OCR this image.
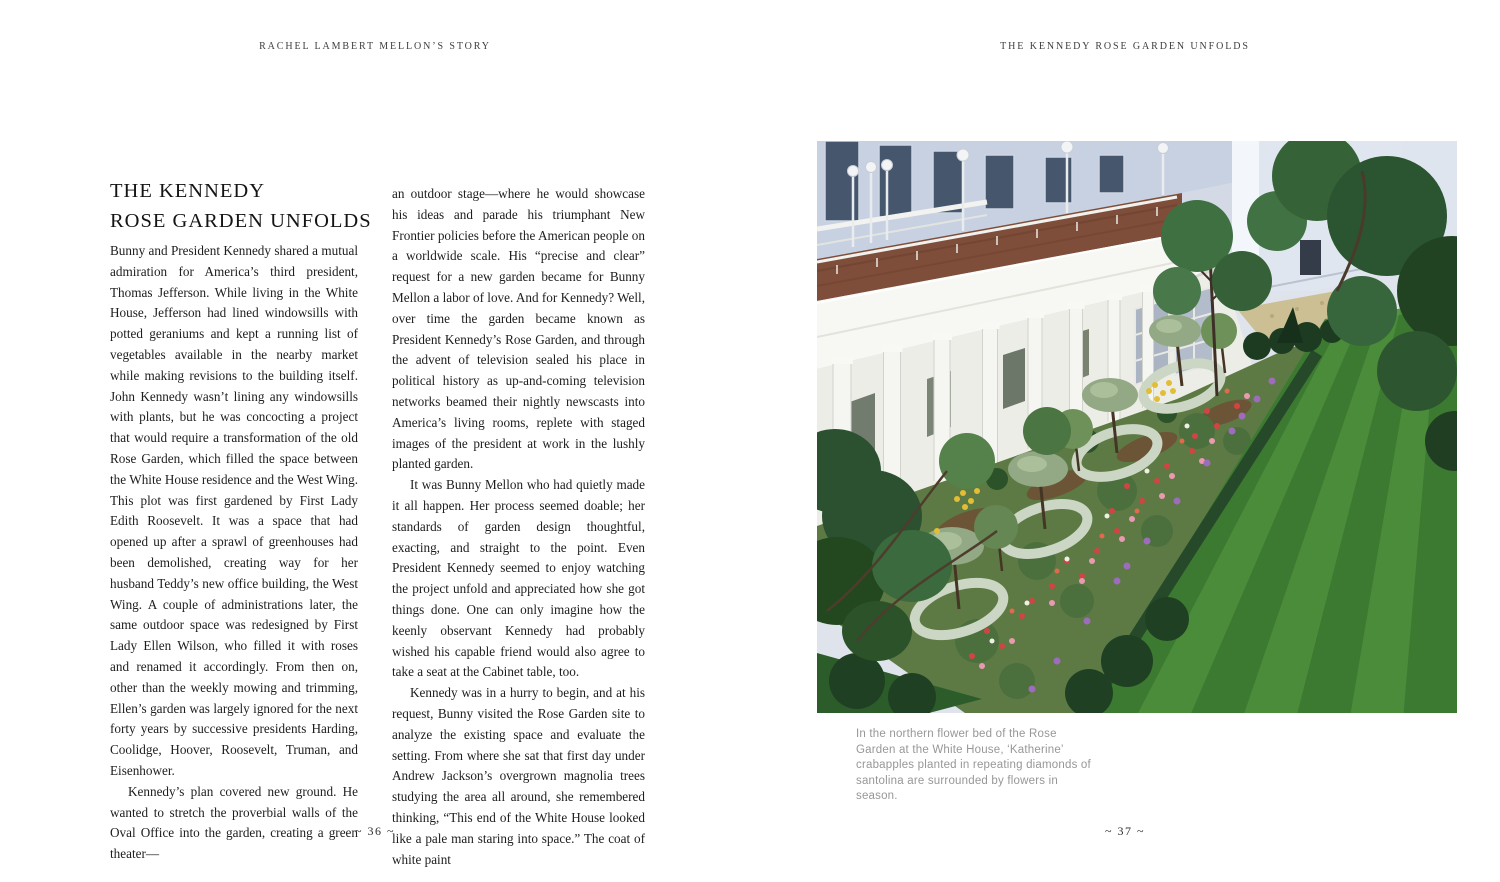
RACHEL LAMBERT MELLON’S STORY
THE KENNEDY
ROSE GARDEN UNFOLDS

Bunny and President Kennedy shared a mutual admiration for America’s third president, Thomas Jefferson. While living in the White House, Jefferson had lined windowsills with potted geraniums and kept a running list of vegetables available in the nearby market while making revisions to the building itself. John Kennedy wasn’t lining any windowsills with plants, but he was concocting a project that would require a transformation of the old Rose Garden, which filled the space between the White House residence and the West Wing. This plot was first gardened by First Lady Edith Roosevelt. It was a space that had opened up after a sprawl of greenhouses had been demolished, creating way for her husband Teddy’s new office building, the West Wing. A couple of administrations later, the same outdoor space was redesigned by First Lady Ellen Wilson, who filled it with roses and renamed it accordingly. From then on, other than the weekly mowing and trimming, Ellen’s garden was largely ignored for the next forty years by successive presidents Harding, Coolidge, Hoover, Roosevelt, Truman, and Eisenhower.

Kennedy’s plan covered new ground. He wanted to stretch the proverbial walls of the Oval Office into the garden, creating a green theater—

an outdoor stage—where he would showcase his ideas and parade his triumphant New Frontier policies before the American people on a worldwide scale. His “precise and clear” request for a new garden became for Bunny Mellon a labor of love. And for Kennedy? Well, over time the garden became known as President Kennedy’s Rose Garden, and through the advent of television sealed his place in political history as up-and-coming television networks beamed their nightly newscasts into America’s living rooms, replete with staged images of the president at work in the lushly planted garden.

It was Bunny Mellon who had quietly made it all happen. Her process seemed doable; her standards of garden design thoughtful, exacting, and straight to the point. Even President Kennedy seemed to enjoy watching the project unfold and appreciated how she got things done. One can only imagine how the keenly observant Kennedy had probably wished his capable friend would also agree to take a seat at the Cabinet table, too.

Kennedy was in a hurry to begin, and at his request, Bunny visited the Rose Garden site to analyze the existing space and evaluate the setting. From where she sat that first day under Andrew Jackson’s overgrown magnolia trees studying the area all around, she remembered thinking, “This end of the White House looked like a pale man staring into space.” The coat of white paint

~ 36 ~
THE KENNEDY ROSE GARDEN UNFOLDS
In the northern flower bed of the Rose Garden at the White House, ‘Katherine’ crabapples planted in repeating diamonds of santolina are surrounded by flowers in season.
~ 37 ~
